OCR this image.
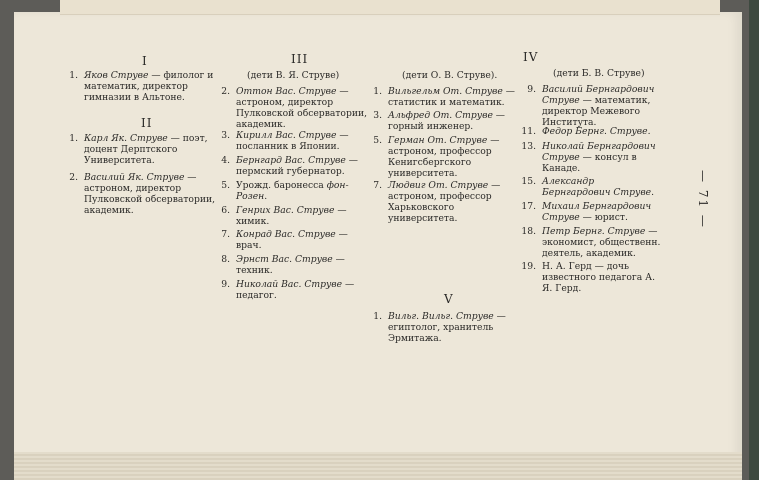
I
1. Яков Струве — филолог и математик, директор гимназии в Альтоне.
II
1. Карл Як. Струве — поэт, доцент Дерптского Университета.
2. Василий Як. Струве — астроном, директор Пулковской обсерватории, академик.
III
(дети В. Я. Струве)
2. Оттон Вас. Струве — астроном, директор Пулковской обсерватории, академик.
3. Кирилл Вас. Струве — посланник в Японии.
4. Бернгард Вас. Струве — пермский губернатор.
5. Урожд. баронесса фон-Розен.
6. Генрих Вас. Струве — химик.
7. Конрад Вас. Струве — врач.
8. Эрнст Вас. Струве — техник.
9. Николай Вас. Струве — педагог.
(дети О. В. Струве).
1. Вильгельм От. Струве — статистик и математик.
3. Альфред От. Струве — горный инженер.
5. Герман От. Струве — астроном, профессор Кенигсбергского университета.
7. Людвиг От. Струве — астроном, профессор Харьковского университета.
V
1. Вильг. Вильг. Струве — египтолог, хранитель Эрмитажа.
IV
(дети Б. В. Струве)
9. Василий Бернгардович Струве — математик, директор Межевого Института.
11. Федор Бернг. Струве.
13. Николай Бернгардович Струве — консул в Канаде.
15. Александр Бернгардович Струве.
17. Михаил Бернгардович Струве — юрист.
18. Петр Бернг. Струве — экономист, общественн. деятель, академик.
19. Н. А. Герд — дочь известного педагога А. Я. Герд.
— 71 —
